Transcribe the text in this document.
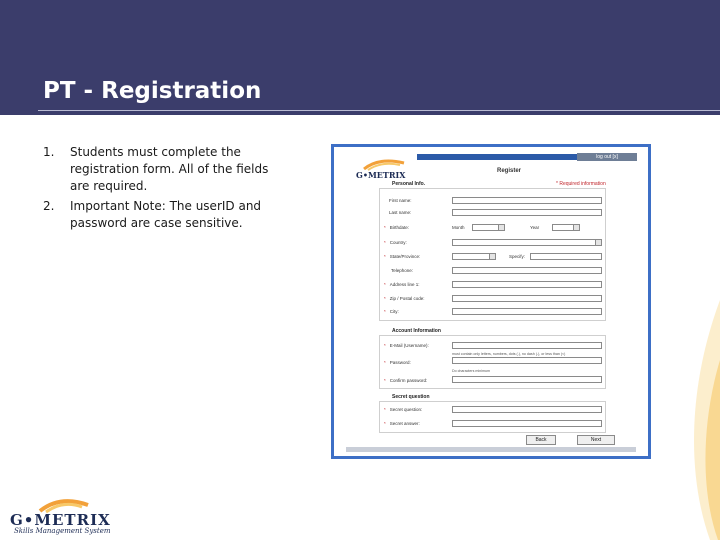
PT - Registration
1. Students must complete the registration form. All of the fields are required.
2. Important Note: The userID and password are case sensitive.
log out [x]
G•METRIX	Register
* Required information
Personal Info.
First name:
Last name:
* Birthdate:	Month	Year
* Country:
* State/Province:	Specify:
Telephone:
* Address line 1:
* Zip / Postal code:
* City:
Account Information
* E-Mail (Username):
* Password:
must contain only letters, numbers, dots (.), no dash (-), or less than (<)
Do characters minimum
* Confirm password:
Secret question
* Secret question:
* Secret answer:
Back	Next
G•METRIX
Skills Management System
